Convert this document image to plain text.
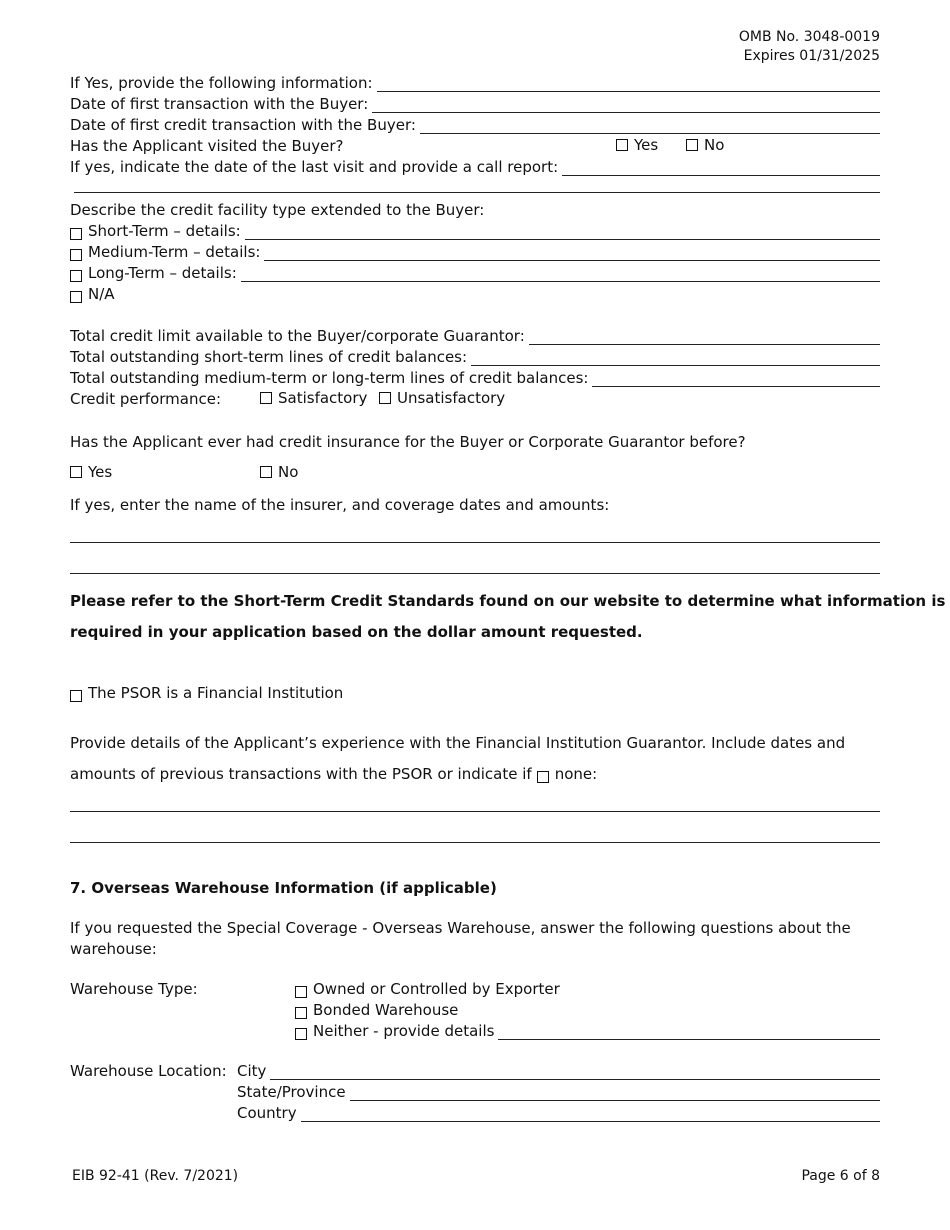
OMB No. 3048-0019
Expires 01/31/2025
If Yes, provide the following information:
Date of first transaction with the Buyer:
Date of first credit transaction with the Buyer:
Has the Applicant visited the Buyer?	Yes	No
If yes, indicate the date of the last visit and provide a call report:
Describe the credit facility type extended to the Buyer:
Short-Term – details:
Medium-Term – details:
Long-Term – details:
N/A
Total credit limit available to the Buyer/corporate Guarantor:
Total outstanding short-term lines of credit balances:
Total outstanding medium-term or long-term lines of credit balances:
Credit performance:	Satisfactory Unsatisfactory
Has the Applicant ever had credit insurance for the Buyer or Corporate Guarantor before?
Yes	No
If yes, enter the name of the insurer, and coverage dates and amounts:
Please refer to the Short-Term Credit Standards found on our website to determine what information is
required in your application based on the dollar amount requested.
The PSOR is a Financial Institution
Provide details of the Applicant’s experience with the Financial Institution Guarantor. Include dates and
amounts of previous transactions with the PSOR or indicate if none:
7. Overseas Warehouse Information (if applicable)
If you requested the Special Coverage - Overseas Warehouse, answer the following questions about the
warehouse:
Warehouse Type:	Owned or Controlled by Exporter
Bonded Warehouse
Neither - provide details
Warehouse Location: City
State/Province
Country
EIB 92-41 (Rev. 7/2021)	Page 6 of 8
